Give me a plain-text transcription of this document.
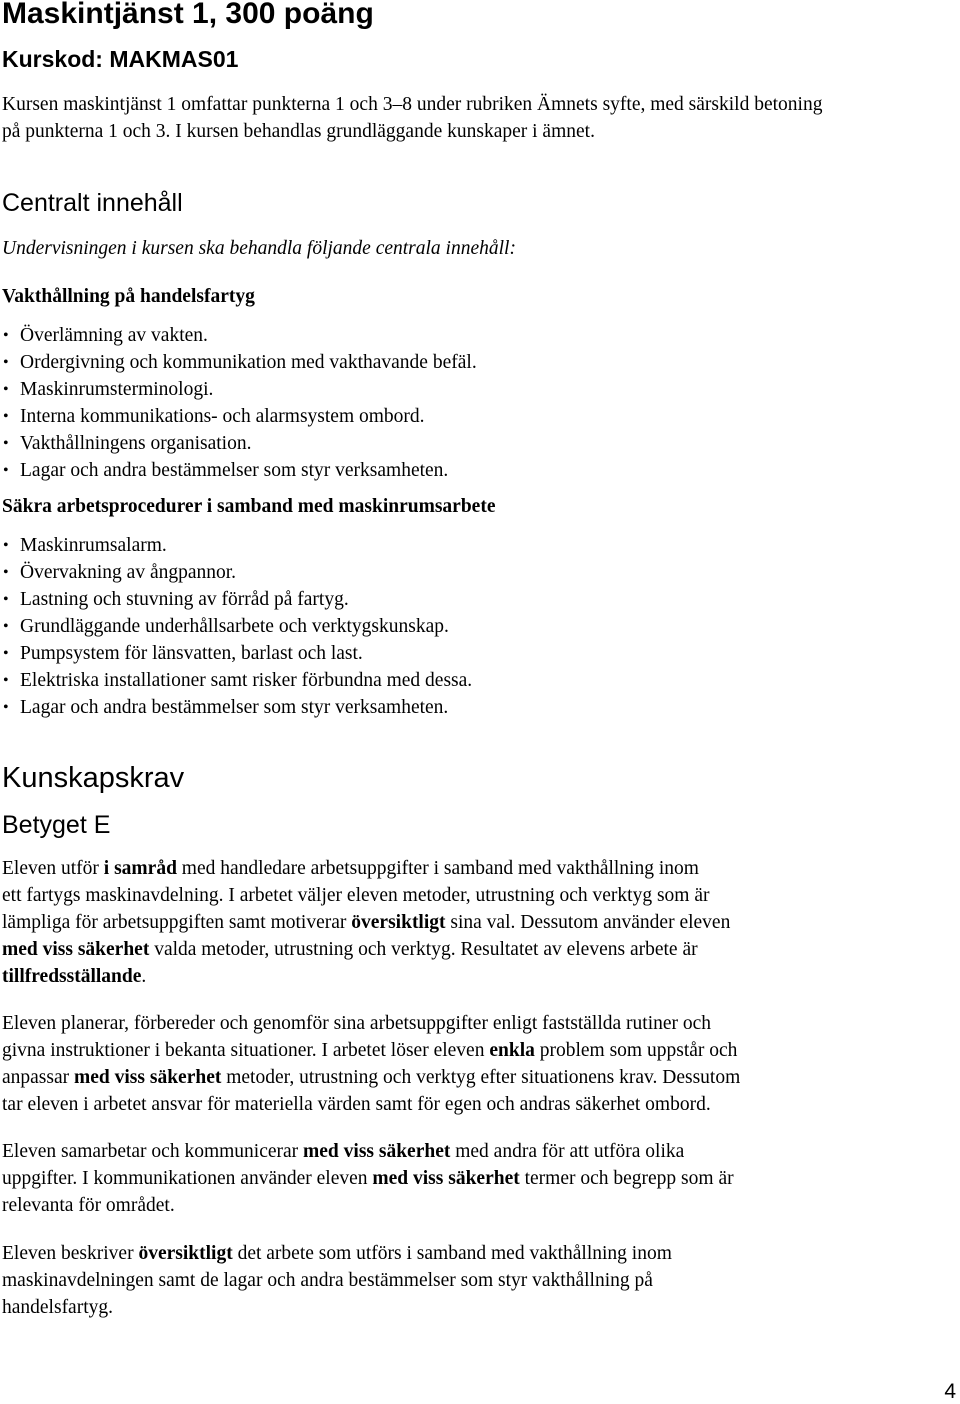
Maskintjänst 1, 300 poäng
Kurskod: MAKMAS01

Kursen maskintjänst 1 omfattar punkterna 1 och 3–8 under rubriken Ämnets syfte, med särskild betoning på punkterna 1 och 3. I kursen behandlas grundläggande kunskaper i ämnet.

Centralt innehåll
Undervisningen i kursen ska behandla följande centrala innehåll:
Vakthållning på handelsfartyg
• Överlämning av vakten.
• Ordergivning och kommunikation med vakthavande befäl.
• Maskinrumsterminologi.
• Interna kommunikations- och alarmsystem ombord.
• Vakthållningens organisation.
• Lagar och andra bestämmelser som styr verksamheten.
Säkra arbetsprocedurer i samband med maskinrumsarbete
• Maskinrumsalarm.
• Övervakning av ångpannor.
• Lastning och stuvning av förråd på fartyg.
• Grundläggande underhållsarbete och verktygskunskap.
• Pumpsystem för länsvatten, barlast och last.
• Elektriska installationer samt risker förbundna med dessa.
• Lagar och andra bestämmelser som styr verksamheten.
Kunskapskrav
Betyget E

Eleven utför i samråd med handledare arbetsuppgifter i samband med vakthållning inom
ett fartygs maskinavdelning. I arbetet väljer eleven metoder, utrustning och verktyg som är
lämpliga för arbetsuppgiften samt motiverar översiktligt sina val. Dessutom använder eleven
med viss säkerhet valda metoder, utrustning och verktyg. Resultatet av elevens arbete är
tillfredsställande.

Eleven planerar, förbereder och genomför sina arbetsuppgifter enligt fastställda rutiner och
givna instruktioner i bekanta situationer. I arbetet löser eleven enkla problem som uppstår och
anpassar med viss säkerhet metoder, utrustning och verktyg efter situationens krav. Dessutom
tar eleven i arbetet ansvar för materiella värden samt för egen och andras säkerhet ombord.

Eleven samarbetar och kommunicerar med viss säkerhet med andra för att utföra olika
uppgifter. I kommunikationen använder eleven med viss säkerhet termer och begrepp som är
relevanta för området.

Eleven beskriver översiktligt det arbete som utförs i samband med vakthållning inom
maskinavdelningen samt de lagar och andra bestämmelser som styr vakthållning på
handelsfartyg.

4
